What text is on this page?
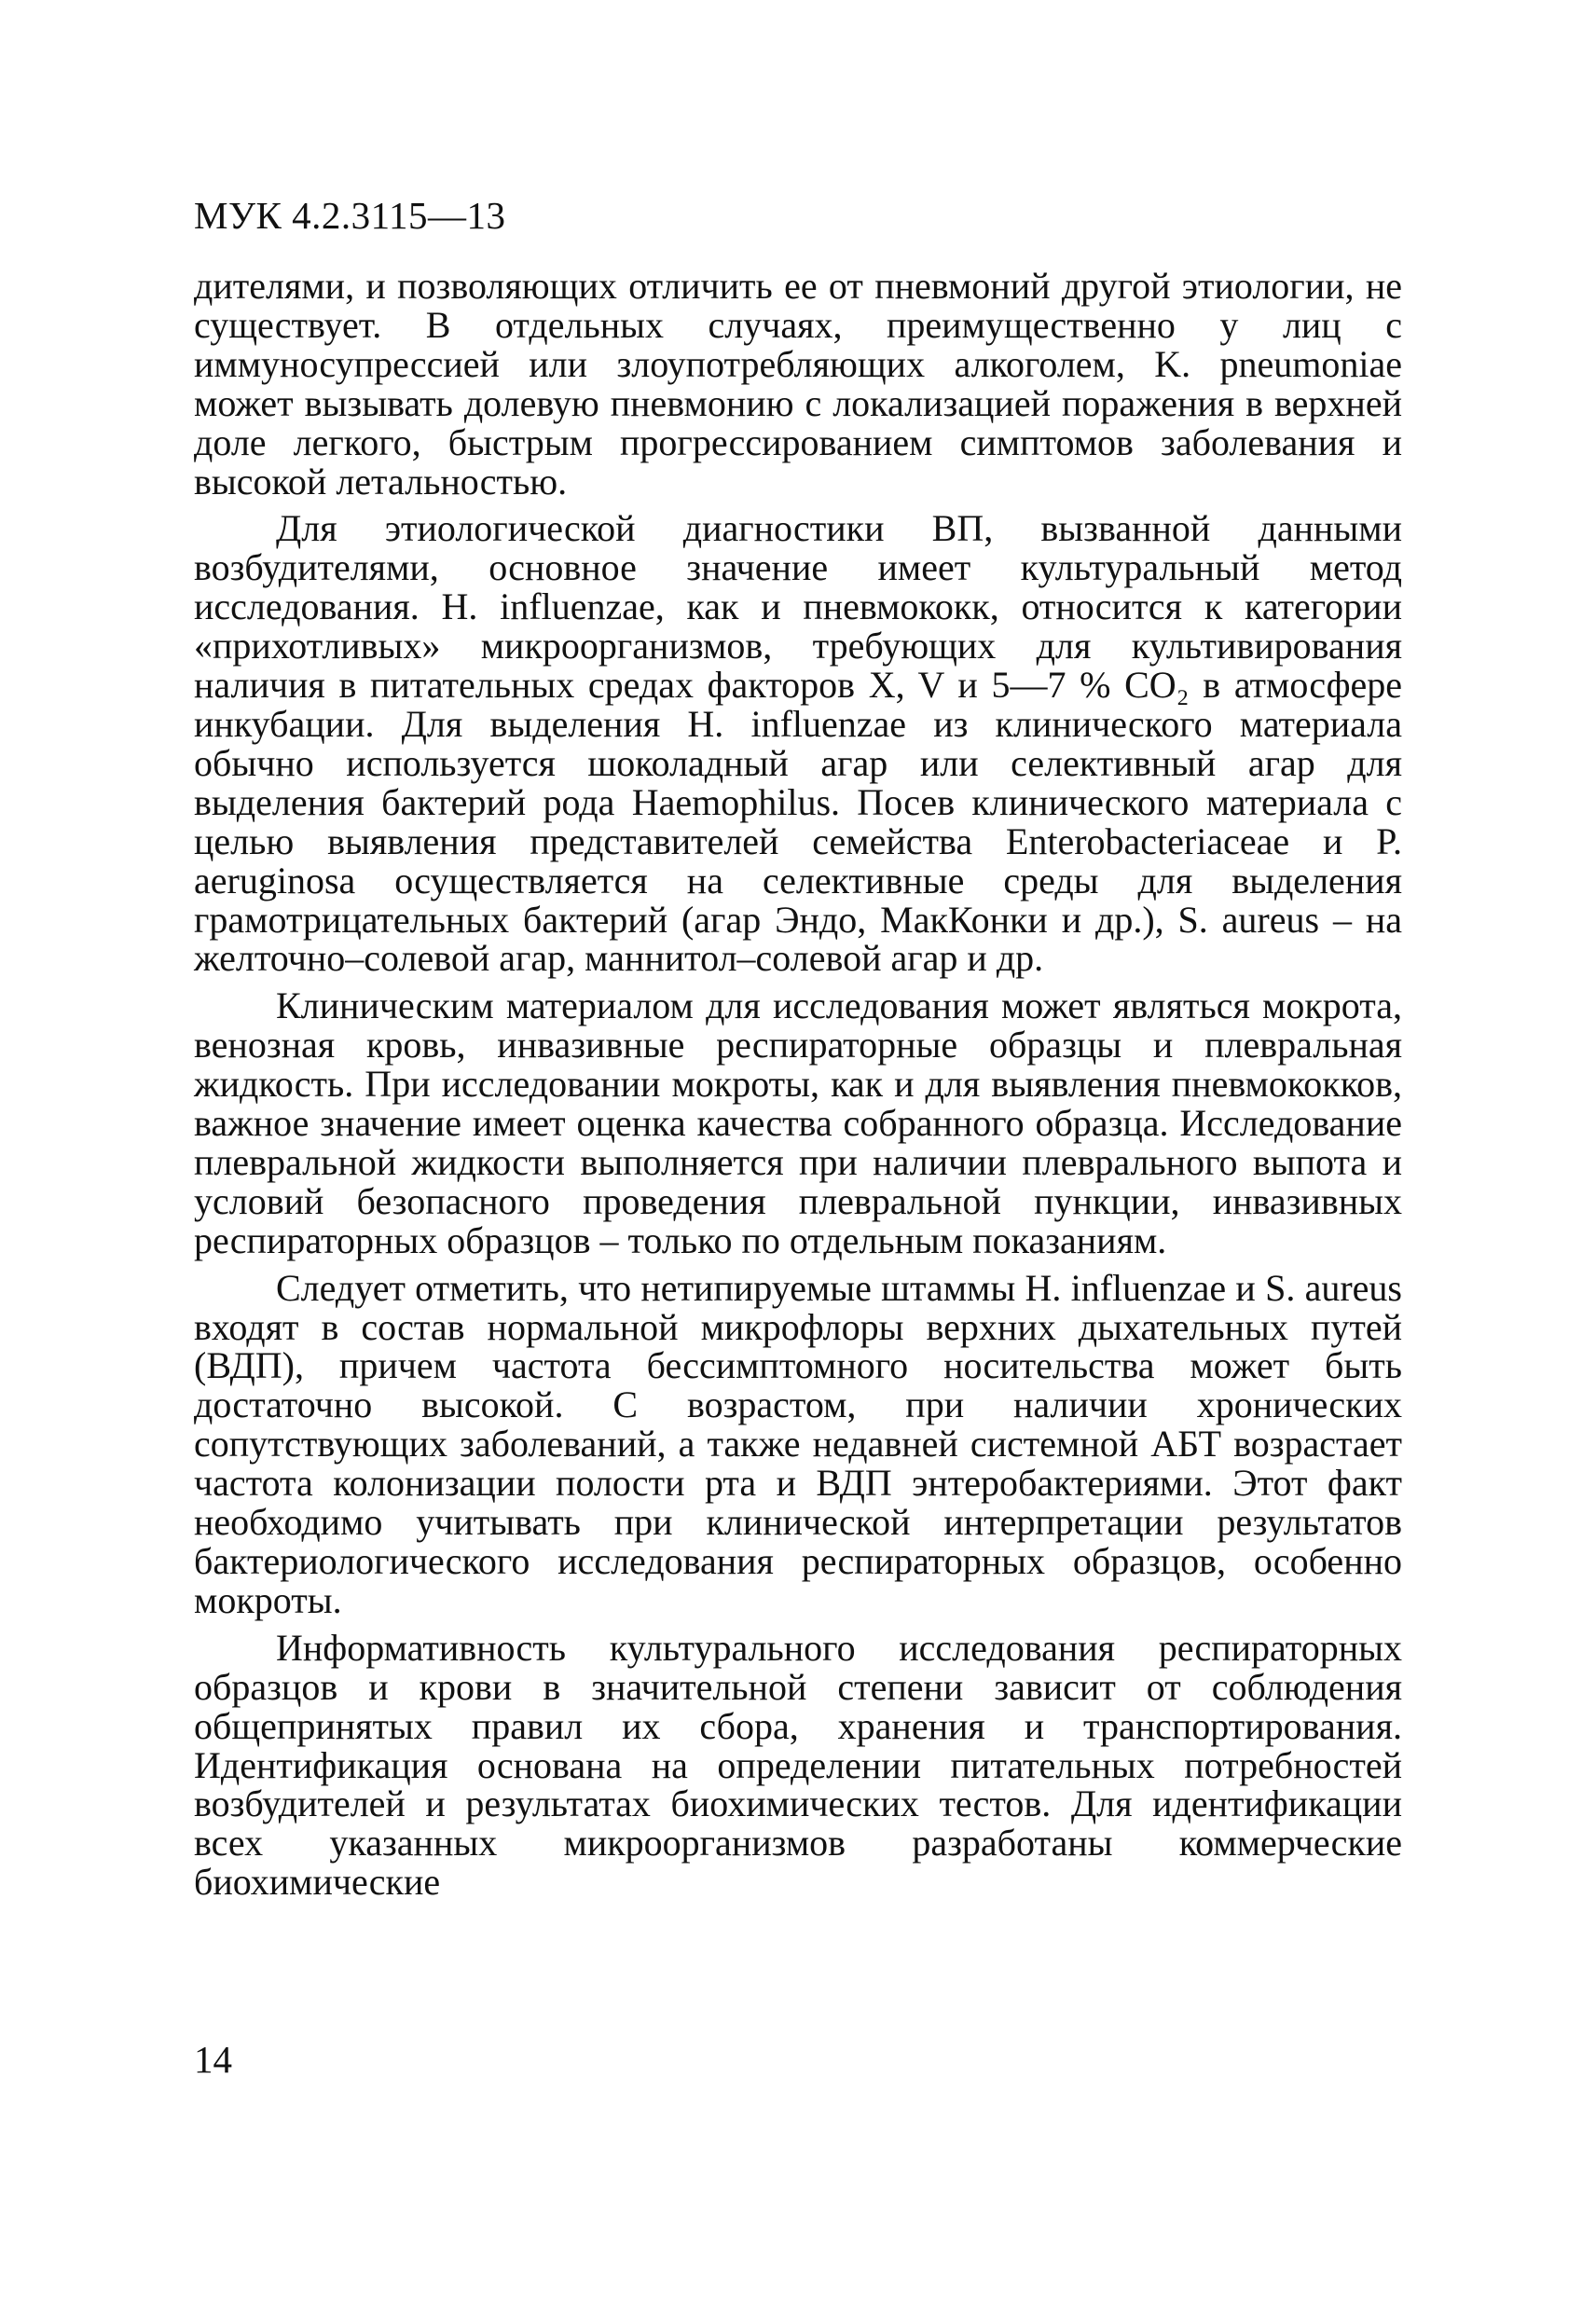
МУК 4.2.3115—13

дителями, и позволяющих отличить ее от пневмоний другой этиологии, не существует. В отдельных случаях, преимущественно у лиц с иммуносупрессией или злоупотребляющих алкоголем, K. pneumoniae может вызывать долевую пневмонию с локализацией поражения в верхней доле легкого, быстрым прогрессированием симптомов заболевания и высокой летальностью.

Для этиологической диагностики ВП, вызванной данными возбудителями, основное значение имеет культуральный метод исследования. H. influenzae, как и пневмококк, относится к категории «прихотливых» микроорганизмов, требующих для культивирования наличия в питательных средах факторов X, V и 5—7 % CO₂ в атмосфере инкубации. Для выделения H. influenzae из клинического материала обычно используется шоколадный агар или селективный агар для выделения бактерий рода Haemophilus. Посев клинического материала с целью выявления представителей семейства Enterobacteriaceae и P. aeruginosa осуществляется на селективные среды для выделения грамотрицательных бактерий (агар Эндо, МакКонки и др.), S. aureus – на желточно–солевой агар, маннитол–солевой агар и др.

Клиническим материалом для исследования может являться мокрота, венозная кровь, инвазивные респираторные образцы и плевральная жидкость. При исследовании мокроты, как и для выявления пневмококков, важное значение имеет оценка качества собранного образца. Исследование плевральной жидкости выполняется при наличии плеврального выпота и условий безопасного проведения плевральной пункции, инвазивных респираторных образцов – только по отдельным показаниям.

Следует отметить, что нетипируемые штаммы H. influenzae и S. aureus входят в состав нормальной микрофлоры верхних дыхательных путей (ВДП), причем частота бессимптомного носительства может быть достаточно высокой. С возрастом, при наличии хронических сопутствующих заболеваний, а также недавней системной АБТ возрастает частота колонизации полости рта и ВДП энтеробактериями. Этот факт необходимо учитывать при клинической интерпретации результатов бактериологического исследования респираторных образцов, особенно мокроты.

Информативность культурального исследования респираторных образцов и крови в значительной степени зависит от соблюдения общепринятых правил их сбора, хранения и транспортирования. Идентификация основана на определении питательных потребностей возбудителей и результатах биохимических тестов. Для идентификации всех указанных микроорганизмов разработаны коммерческие биохимические

14
